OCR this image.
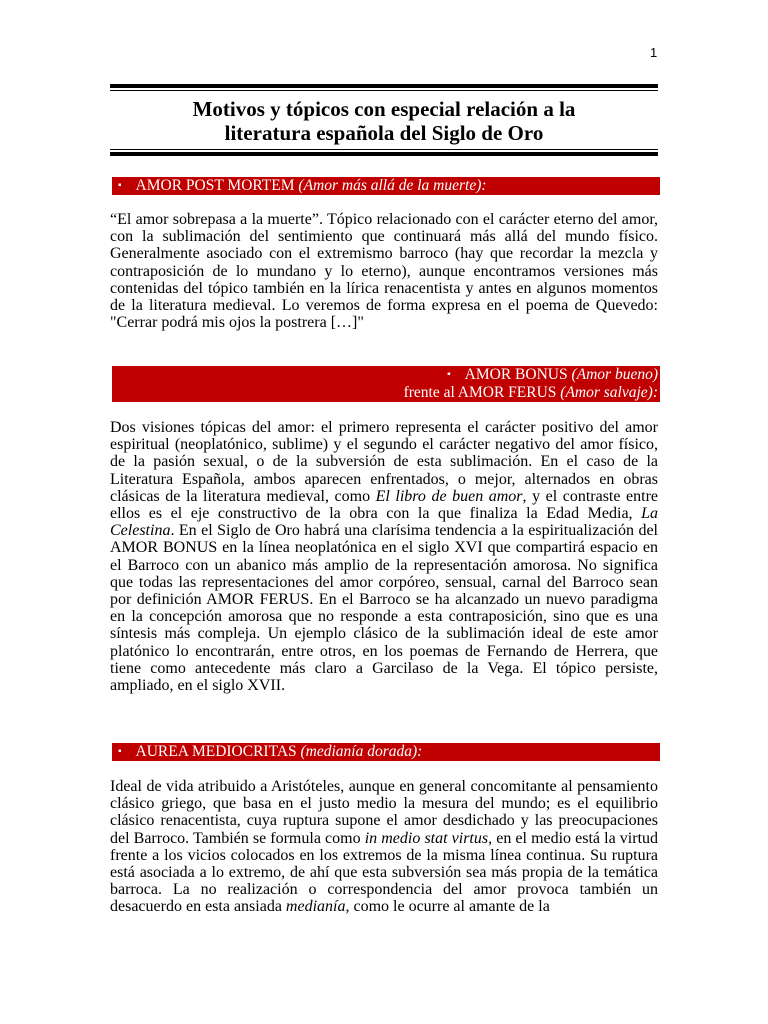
1
Motivos y tópicos con especial relación a la
literatura española del Siglo de Oro
▪ AMOR POST MORTEM (Amor más allá de la muerte):
“El amor sobrepasa a la muerte”. Tópico relacionado con el carácter eterno del amor, con la sublimación del sentimiento que continuará más allá del mundo físico. Generalmente asociado con el extremismo barroco (hay que recordar la mezcla y contraposición de lo mundano y lo eterno), aunque encontramos versiones más contenidas del tópico también en la lírica renacentista y antes en algunos momentos de la literatura medieval. Lo veremos de forma expresa en el poema de Quevedo: "Cerrar podrá mis ojos la postrera […]"
▪ AMOR BONUS (Amor bueno)
frente al AMOR FERUS (Amor salvaje):
Dos visiones tópicas del amor: el primero representa el carácter positivo del amor espiritual (neoplatónico, sublime) y el segundo el carácter negativo del amor físico, de la pasión sexual, o de la subversión de esta sublimación. En el caso de la Literatura Española, ambos aparecen enfrentados, o mejor, alternados en obras clásicas de la literatura medieval, como El libro de buen amor, y el contraste entre ellos es el eje constructivo de la obra con la que finaliza la Edad Media, La Celestina. En el Siglo de Oro habrá una clarísima tendencia a la espiritualización del AMOR BONUS en la línea neoplatónica en el siglo XVI que compartirá espacio en el Barroco con un abanico más amplio de la representación amorosa. No significa que todas las representaciones del amor corpóreo, sensual, carnal del Barroco sean por definición AMOR FERUS. En el Barroco se ha alcanzado un nuevo paradigma en la concepción amorosa que no responde a esta contraposición, sino que es una síntesis más compleja. Un ejemplo clásico de la sublimación ideal de este amor platónico lo encontrarán, entre otros, en los poemas de Fernando de Herrera, que tiene como antecedente más claro a Garcilaso de la Vega. El tópico persiste, ampliado, en el siglo XVII.
▪ AUREA MEDIOCRITAS (medianía dorada):
Ideal de vida atribuido a Aristóteles, aunque en general concomitante al pensamiento clásico griego, que basa en el justo medio la mesura del mundo; es el equilibrio clásico renacentista, cuya ruptura supone el amor desdichado y las preocupaciones del Barroco. También se formula como in medio stat virtus, en el medio está la virtud frente a los vicios colocados en los extremos de la misma línea continua. Su ruptura está asociada a lo extremo, de ahí que esta subversión sea más propia de la temática barroca. La no realización o correspondencia del amor provoca también un desacuerdo en esta ansiada medianía, como le ocurre al amante de la
